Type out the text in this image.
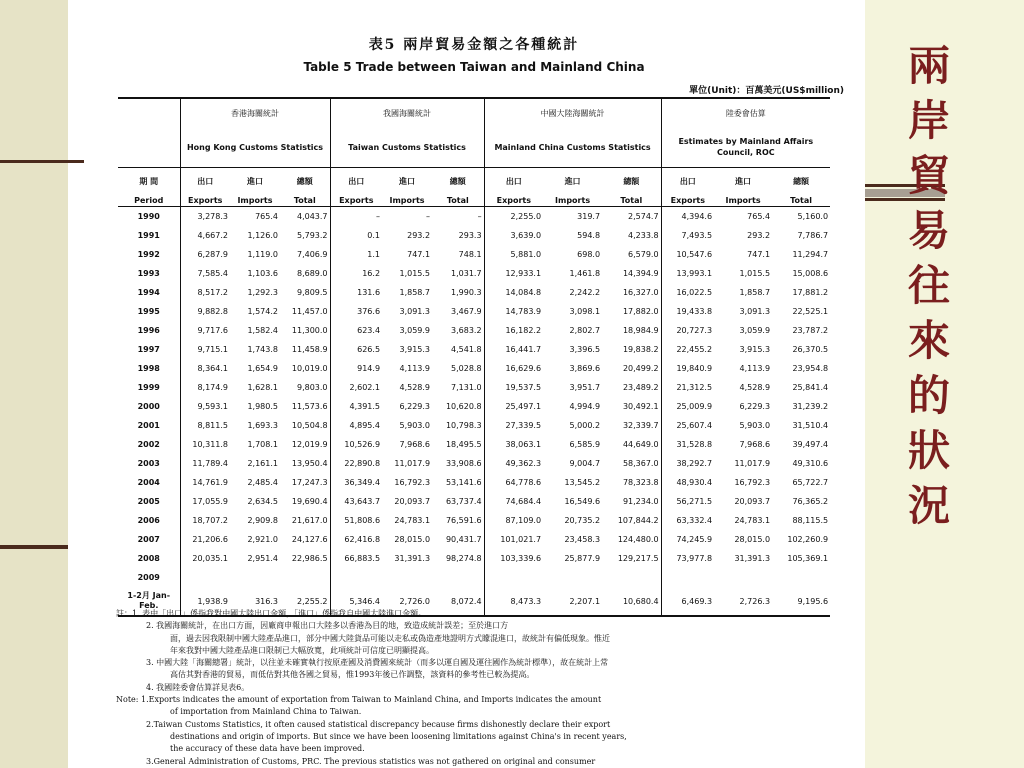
兩
岸
貿
易
往
來
的
狀
況
表5 兩岸貿易金額之各種統計
Table 5 Trade between Taiwan and Mainland China
單位(Unit)：百萬美元(US$million)
	香港海關統計			我國海關統計			中國大陸海關統計			陸委會估算		
	Hong Kong Customs Statistics			Taiwan Customs Statistics			Mainland China Customs Statistics			Estimates by Mainland Affairs Council, ROC		
期 間	出口	進口	總額	出口	進口	總額	出口	進口	總額	出口	進口	總額
Period	Exports	Imports	Total	Exports	Imports	Total	Exports	Imports	Total	Exports	Imports	Total
1990	3,278.3	765.4	4,043.7	–	–	–	2,255.0	319.7	2,574.7	4,394.6	765.4	5,160.0
1991	4,667.2	1,126.0	5,793.2	0.1	293.2	293.3	3,639.0	594.8	4,233.8	7,493.5	293.2	7,786.7
1992	6,287.9	1,119.0	7,406.9	1.1	747.1	748.1	5,881.0	698.0	6,579.0	10,547.6	747.1	11,294.7
1993	7,585.4	1,103.6	8,689.0	16.2	1,015.5	1,031.7	12,933.1	1,461.8	14,394.9	13,993.1	1,015.5	15,008.6
1994	8,517.2	1,292.3	9,809.5	131.6	1,858.7	1,990.3	14,084.8	2,242.2	16,327.0	16,022.5	1,858.7	17,881.2
1995	9,882.8	1,574.2	11,457.0	376.6	3,091.3	3,467.9	14,783.9	3,098.1	17,882.0	19,433.8	3,091.3	22,525.1
1996	9,717.6	1,582.4	11,300.0	623.4	3,059.9	3,683.2	16,182.2	2,802.7	18,984.9	20,727.3	3,059.9	23,787.2
1997	9,715.1	1,743.8	11,458.9	626.5	3,915.3	4,541.8	16,441.7	3,396.5	19,838.2	22,455.2	3,915.3	26,370.5
1998	8,364.1	1,654.9	10,019.0	914.9	4,113.9	5,028.8	16,629.6	3,869.6	20,499.2	19,840.9	4,113.9	23,954.8
1999	8,174.9	1,628.1	9,803.0	2,602.1	4,528.9	7,131.0	19,537.5	3,951.7	23,489.2	21,312.5	4,528.9	25,841.4
2000	9,593.1	1,980.5	11,573.6	4,391.5	6,229.3	10,620.8	25,497.1	4,994.9	30,492.1	25,009.9	6,229.3	31,239.2
2001	8,811.5	1,693.3	10,504.8	4,895.4	5,903.0	10,798.3	27,339.5	5,000.2	32,339.7	25,607.4	5,903.0	31,510.4
2002	10,311.8	1,708.1	12,019.9	10,526.9	7,968.6	18,495.5	38,063.1	6,585.9	44,649.0	31,528.8	7,968.6	39,497.4
2003	11,789.4	2,161.1	13,950.4	22,890.8	11,017.9	33,908.6	49,362.3	9,004.7	58,367.0	38,292.7	11,017.9	49,310.6
2004	14,761.9	2,485.4	17,247.3	36,349.4	16,792.3	53,141.6	64,778.6	13,545.2	78,323.8	48,930.4	16,792.3	65,722.7
2005	17,055.9	2,634.5	19,690.4	43,643.7	20,093.7	63,737.4	74,684.4	16,549.6	91,234.0	56,271.5	20,093.7	76,365.2
2006	18,707.2	2,909.8	21,617.0	51,808.6	24,783.1	76,591.6	87,109.0	20,735.2	107,844.2	63,332.4	24,783.1	88,115.5
2007	21,206.6	2,921.0	24,127.6	62,416.8	28,015.0	90,431.7	101,021.7	23,458.3	124,480.0	74,245.9	28,015.0	102,260.9
2008	20,035.1	2,951.4	22,986.5	66,883.5	31,391.3	98,274.8	103,339.6	25,877.9	129,217.5	73,977.8	31,391.3	105,369.1
2009												
1-2月 Jan-Feb.	1,938.9	316.3	2,255.2	5,346.4	2,726.0	8,072.4	8,473.3	2,207.1	10,680.4	6,469.3	2,726.3	9,195.6
註：1. 表中「出口」係指我對中國大陸出口金額，「進口」係指我自中國大陸進口金額。
2. 我國海關統計，在出口方面，因廠商申報出口大陸多以香港為目的地，致造成統計誤差；至於進口方
面，過去因我限制中國大陸產品進口，部分中國大陸貨品可能以走私或偽造產地證明方式矇混進口，故統計有偏低現象。惟近
年來我對中國大陸產品進口限制已大幅放寬，此項統計可信度已明顯提高。
3. 中國大陸「海關總署」統計，以往並未確實執行按原產國及消費國來統計（而多以運自國及運往國作為統計標準），故在統計上常
高估其對香港的貿易，而低估對其他各國之貿易，惟1993年後已作調整，該資料的參考性已較為提高。
4. 我國陸委會估算詳見表6。
Note: 1.Exports indicates the amount of exportation from Taiwan to Mainland China, and Imports indicates the amount
of importation from Mainland China to Taiwan.
2.Taiwan Customs Statistics, it often caused statistical discrepancy because firms dishonestly declare their export
destinations and origin of imports. But since we have been loosening limitations against China's in recent years,
the accuracy of these data have been improved.
3.General Administration of Customs, PRC. The previous statistics was not gathered on original and consumer
